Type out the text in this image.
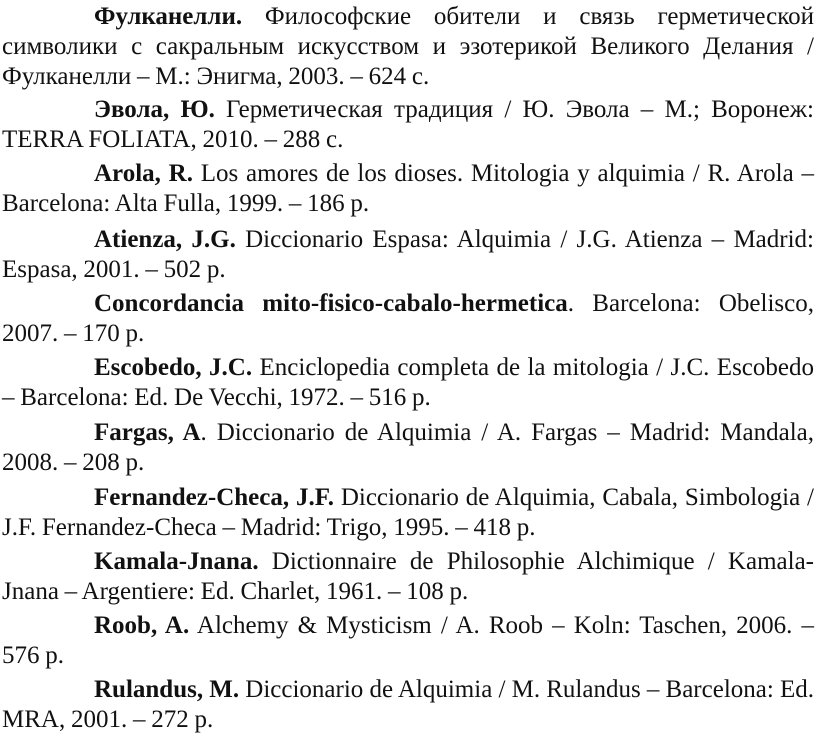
Фулканелли. Философские обители и связь герметической символики с сакральным искусством и эзотерикой Великого Делания / Фулканелли – М.: Энигма, 2003. – 624 с.

Эвола, Ю. Герметическая традиция / Ю. Эвола – М.; Воронеж: TERRA FOLIATA, 2010. – 288 с.

Arola, R. Los amores de los dioses. Mitologia y alquimia / R. Arola – Barcelona: Alta Fulla, 1999. – 186 p.

Atienza, J.G. Diccionario Espasa: Alquimia / J.G. Atienza – Madrid: Espasa, 2001. – 502 p.

Concordancia mito-fisico-cabalo-hermetica. Barcelona: Obelisco, 2007. – 170 p.

Escobedo, J.C. Enciclopedia completa de la mitologia / J.C. Escobedo – Barcelona: Ed. De Vecchi, 1972. – 516 p.

Fargas, A. Diccionario de Alquimia / A. Fargas – Madrid: Mandala, 2008. – 208 p.

Fernandez-Checa, J.F. Diccionario de Alquimia, Cabala, Simbologia / J.F. Fernandez-Checa – Madrid: Trigo, 1995. – 418 p.

Kamala-Jnana. Dictionnaire de Philosophie Alchimique / Kamala-Jnana – Argentiere: Ed. Charlet, 1961. – 108 p.

Roob, A. Alchemy & Mysticism / A. Roob – Koln: Taschen, 2006. – 576 p.

Rulandus, M. Diccionario de Alquimia / M. Rulandus – Barcelona: Ed. MRA, 2001. – 272 p.
